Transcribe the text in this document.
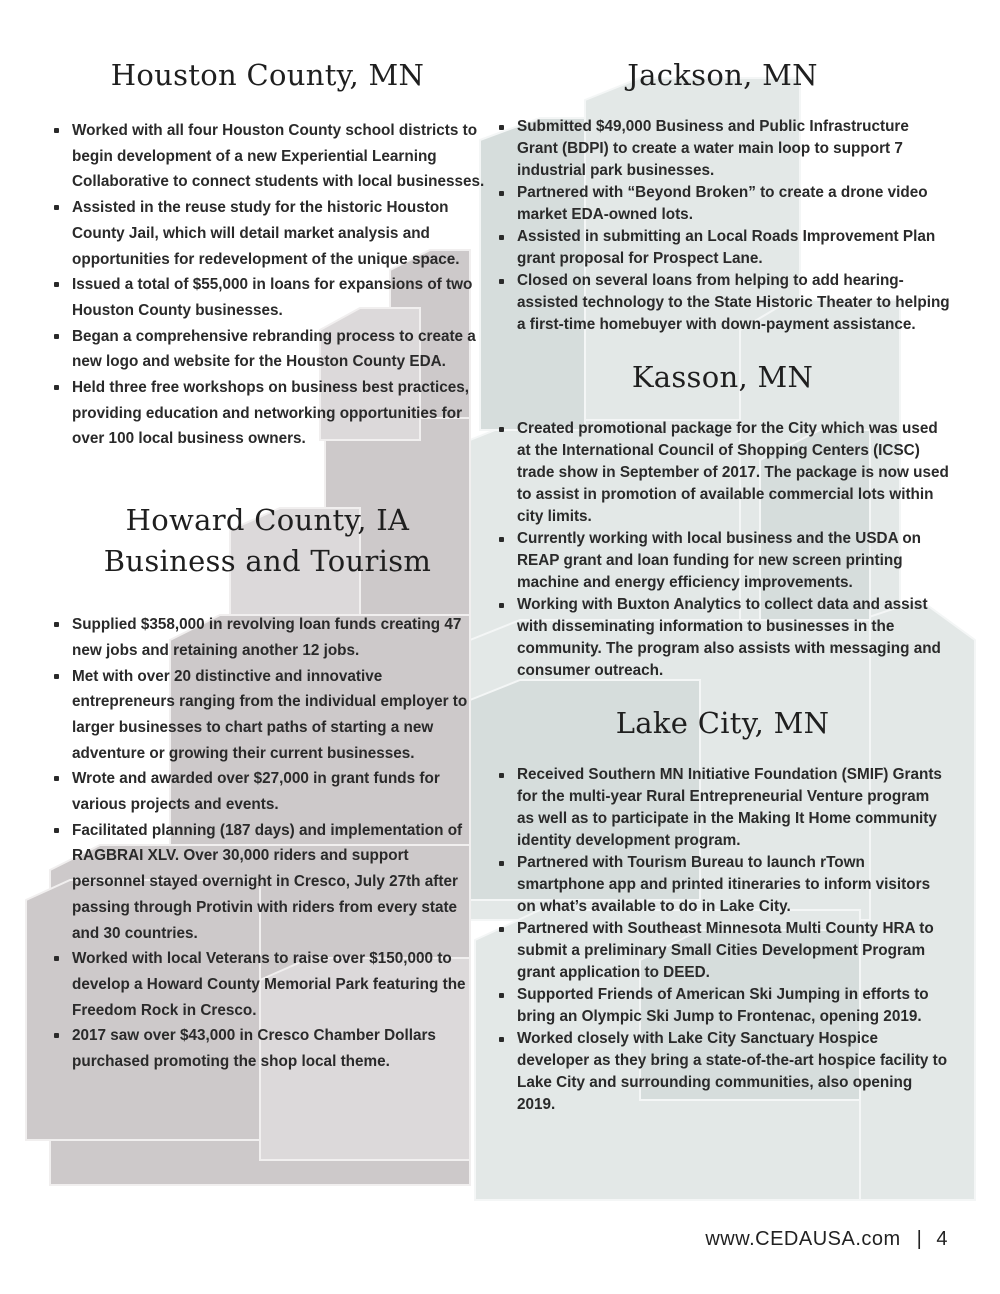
Houston County, MN
Worked with all four Houston County school districts to begin development of a new Experiential Learning Collaborative to connect students with local businesses.
Assisted in the reuse study for the historic Houston County Jail, which will detail market analysis and opportunities for redevelopment of the unique space.
Issued a total of $55,000 in loans for expansions of two Houston County businesses.
Began a comprehensive rebranding process to create a new logo and website for the Houston County EDA.
Held three free workshops on business best practices, providing education and networking opportunities for over 100 local business owners.
Howard County, IA
Business and Tourism
Supplied $358,000 in revolving loan funds creating 47 new jobs and retaining another 12 jobs.
Met with over 20 distinctive and innovative entrepreneurs ranging from the individual employer to larger businesses to chart paths of starting a new adventure or growing their current businesses.
Wrote and awarded over $27,000 in grant funds for various projects and events.
Facilitated planning (187 days) and implementation of RAGBRAI XLV. Over 30,000 riders and support personnel stayed overnight in Cresco, July 27th after passing through Protivin with riders from every state and 30 countries.
Worked with local Veterans to raise over $150,000 to develop a Howard County Memorial Park featuring the Freedom Rock in Cresco.
2017 saw over $43,000 in Cresco Chamber Dollars purchased promoting the shop local theme.
Jackson, MN
Submitted $49,000 Business and Public Infrastructure Grant (BDPI) to create a water main loop to support 7 industrial park businesses.
Partnered with “Beyond Broken” to create a drone video market EDA-owned lots.
Assisted in submitting an Local Roads Improvement Plan grant proposal for Prospect Lane.
Closed on several loans from helping to add hearing-assisted technology to the State Historic Theater to helping a first-time homebuyer with down-payment assistance.
Kasson, MN
Created promotional package for the City which was used at the International Council of Shopping Centers (ICSC) trade show in September of 2017. The package is now used to assist in promotion of available commercial lots within city limits.
Currently working with local business and the USDA on REAP grant and loan funding for new screen printing machine and energy efficiency improvements.
Working with Buxton Analytics to collect data and assist with disseminating information to businesses in the community. The program also assists with messaging and consumer outreach.
Lake City, MN
Received Southern MN Initiative Foundation (SMIF) Grants for the multi-year Rural Entrepreneurial Venture program as well as to participate in the Making It Home community identity development program.
Partnered with Tourism Bureau to launch rTown smartphone app and printed itineraries to inform visitors on what’s available to do in Lake City.
Partnered with Southeast Minnesota Multi County HRA to submit a preliminary Small Cities Development Program grant application to DEED.
Supported Friends of American Ski Jumping in efforts to bring an Olympic Ski Jump to Frontenac, opening 2019.
Worked closely with Lake City Sanctuary Hospice developer as they bring a state-of-the-art hospice facility to Lake City and surrounding communities, also opening 2019.
www.CEDAUSA.com | 4
